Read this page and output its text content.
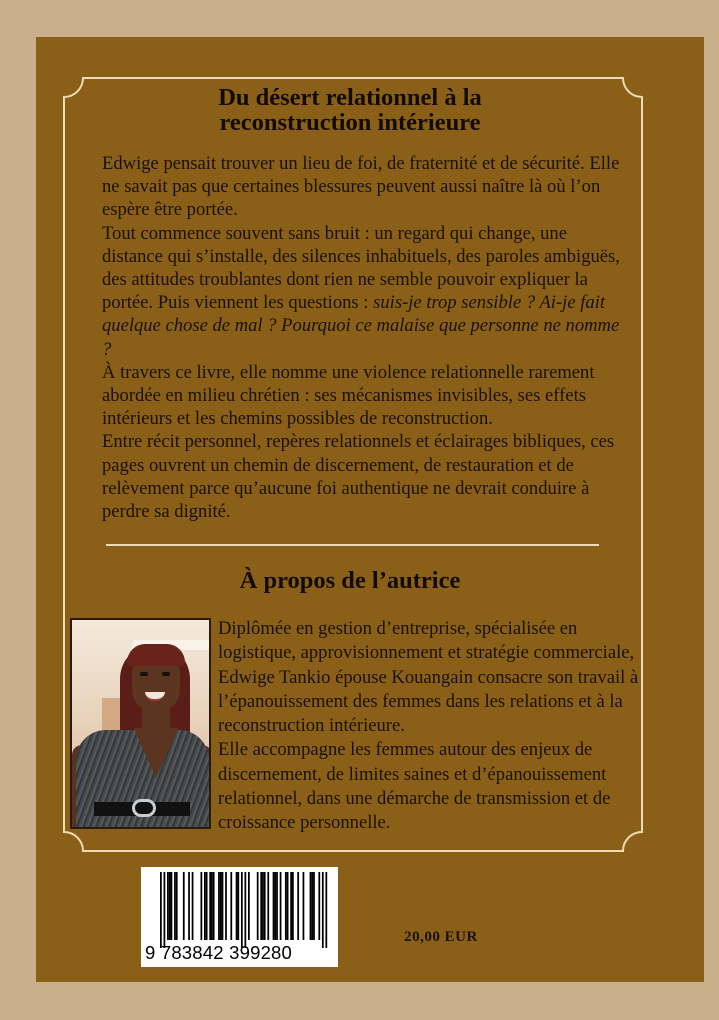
Du désert relationnel à la
reconstruction intérieure

Edwige pensait trouver un lieu de foi, de fraternité et de sécurité. Elle ne savait pas que certaines blessures peuvent aussi naître là où l’on espère être portée.

Tout commence souvent sans bruit : un regard qui change, une distance qui s’installe, des silences inhabituels, des paroles ambiguës, des attitudes troublantes dont rien ne semble pouvoir expliquer la portée. Puis viennent les questions : suis-je trop sensible ? Ai-je fait quelque chose de mal ? Pourquoi ce malaise que personne ne nomme ?

À travers ce livre, elle nomme une violence relationnelle rarement abordée en milieu chrétien : ses mécanismes invisibles, ses effets intérieurs et les chemins possibles de reconstruction.

Entre récit personnel, repères relationnels et éclairages bibliques, ces pages ouvrent un chemin de discernement, de restauration et de relèvement parce qu’aucune foi authentique ne devrait conduire à perdre sa dignité.

À propos de l’autrice

Diplômée en gestion d’entreprise, spécialisée en logistique, approvisionnement et stratégie commerciale, Edwige Tankio épouse Kouangain consacre son travail à l’épanouissement des femmes dans les relations et à la reconstruction intérieure.

Elle accompagne les femmes autour des enjeux de discernement, de limites saines et d’épanouissement relationnel, dans une démarche de transmission et de croissance personnelle.

9 783842 399280
20,00 EUR
